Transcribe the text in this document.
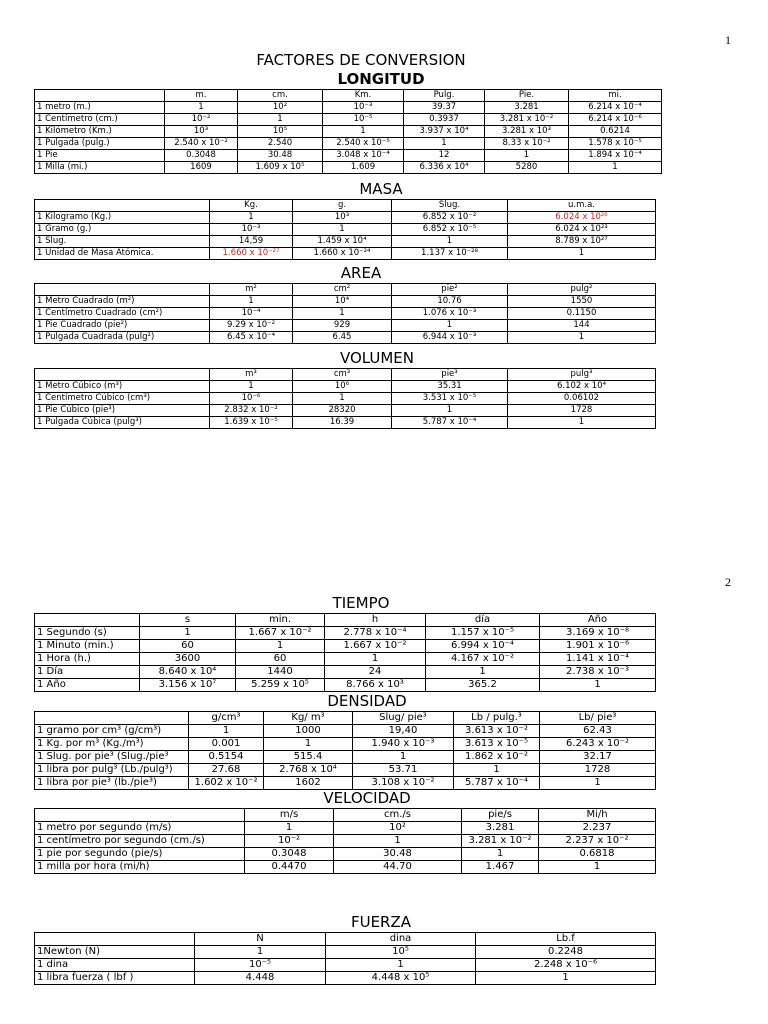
1
2
FACTORES DE CONVERSION
LONGITUD
	m.	cm.	Km.	Pulg.	Pie.	mi.
1 metro (m.)	1	10²	10⁻³	39.37	3.281	6.214 x 10⁻⁴
1 Centímetro (cm.)	10⁻²	1	10⁻⁵	0.3937	3.281 x 10⁻²	6.214 x 10⁻⁶
1 Kilómetro (Km.)	10³	10⁵	1	3.937 x 10⁴	3.281 x 10³	0.6214
1 Pulgada (pulg.)	2.540 x 10⁻²	2.540	2.540 x 10⁻⁵	1	8.33 x 10⁻²	1.578 x 10⁻⁵
1 Pie	0.3048	30.48	3.048 x 10⁻⁴	12	1	1.894 x 10⁻⁴
1 Milla (mi.)	1609	1.609 x 10⁵	1.609	6.336 x 10⁴	5280	1
MASA
	Kg.	g.	Slug.	u.m.a.
1 Kilogramo (Kg.)	1	10³	6.852 x 10⁻²	6.024 x 10²⁶
1 Gramo (g.)	10⁻³	1	6.852 x 10⁻⁵	6.024 x 10²³
1 Slug.	14,59	1.459 x 10⁴	1	8.789 x 10²⁷
1 Unidad de Masa Atómica.	1.660 x 10⁻²⁷	1.660 x 10⁻²⁴	1.137 x 10⁻²⁸	1
AREA
	m²	cm²	pie²	pulg²
1 Metro Cuadrado (m²)	1	10⁴	10.76	1550
1 Centímetro Cuadrado (cm²)	10⁻⁴	1	1.076 x 10⁻³	0.1150
1 Pie Cuadrado (pie²)	9.29 x 10⁻²	929	1	144
1 Pulgada Cuadrada (pulg²)	6.45 x 10⁻⁴	6.45	6.944 x 10⁻³	1
VOLUMEN
	m³	cm³	pie³	pulg³
1 Metro Cúbico (m³)	1	10⁶	35.31	6.102 x 10⁴
1 Centímetro Cúbico (cm³)	10⁻⁶	1	3.531 x 10⁻⁵	0.06102
1 Pie Cúbico (pie³)	2.832 x 10⁻²	28320	1	1728
1 Pulgada Cúbica (pulg³)	1.639 x 10⁻⁵	16.39	5.787 x 10⁻⁴	1
TIEMPO
	s	min.	h	día	Año
1 Segundo (s)	1	1.667 x 10⁻²	2.778 x 10⁻⁴	1.157 x 10⁻⁵	3.169 x 10⁻⁸
1 Minuto (min.)	60	1	1.667 x 10⁻²	6.994 x 10⁻⁴	1.901 x 10⁻⁶
1 Hora (h.)	3600	60	1	4.167 x 10⁻²	1.141 x 10⁻⁴
1 Día	8.640 x 10⁴	1440	24	1	2.738 x 10⁻³
1 Año	3.156 x 10⁷	5.259 x 10⁵	8.766 x 10³	365.2	1
DENSIDAD
	g/cm³	Kg/ m³	Slug/ pie³	Lb / pulg.³	Lb/ pie³
1 gramo por cm³ (g/cm³)	1	1000	19,40	3.613 x 10⁻²	62.43
1 Kg. por m³ (Kg./m³)	0.001	1	1.940 x 10⁻³	3.613 x 10⁻⁵	6.243 x 10⁻²
1 Slug. por pie³ (Slug./pie³	0.5154	515.4	1	1.862 x 10⁻²	32.17
1 libra por pulg³ (Lb./pulg³)	27.68	2.768 x 10⁴	53.71	1	1728
1 libra por pie³ (lb./pie³)	1.602 x 10⁻²	1602	3.108 x 10⁻²	5.787 x 10⁻⁴	1
VELOCIDAD
	m/s	cm./s	pie/s	Mi/h
1 metro por segundo (m/s)	1	10²	3.281	2.237
1 centímetro por segundo (cm./s)	10⁻²	1	3.281 x 10⁻²	2.237 x 10⁻²
1 pie por segundo (pie/s)	0.3048	30.48	1	0.6818
1 milla por hora (mi/h)	0.4470	44.70	1.467	1
FUERZA
	N	dina	Lb.f
1Newton (N)	1	10⁵	0.2248
1 dina	10⁻⁵	1	2.248 x 10⁻⁶
1 libra fuerza ( lbf )	4.448	4.448 x 10⁵	1
